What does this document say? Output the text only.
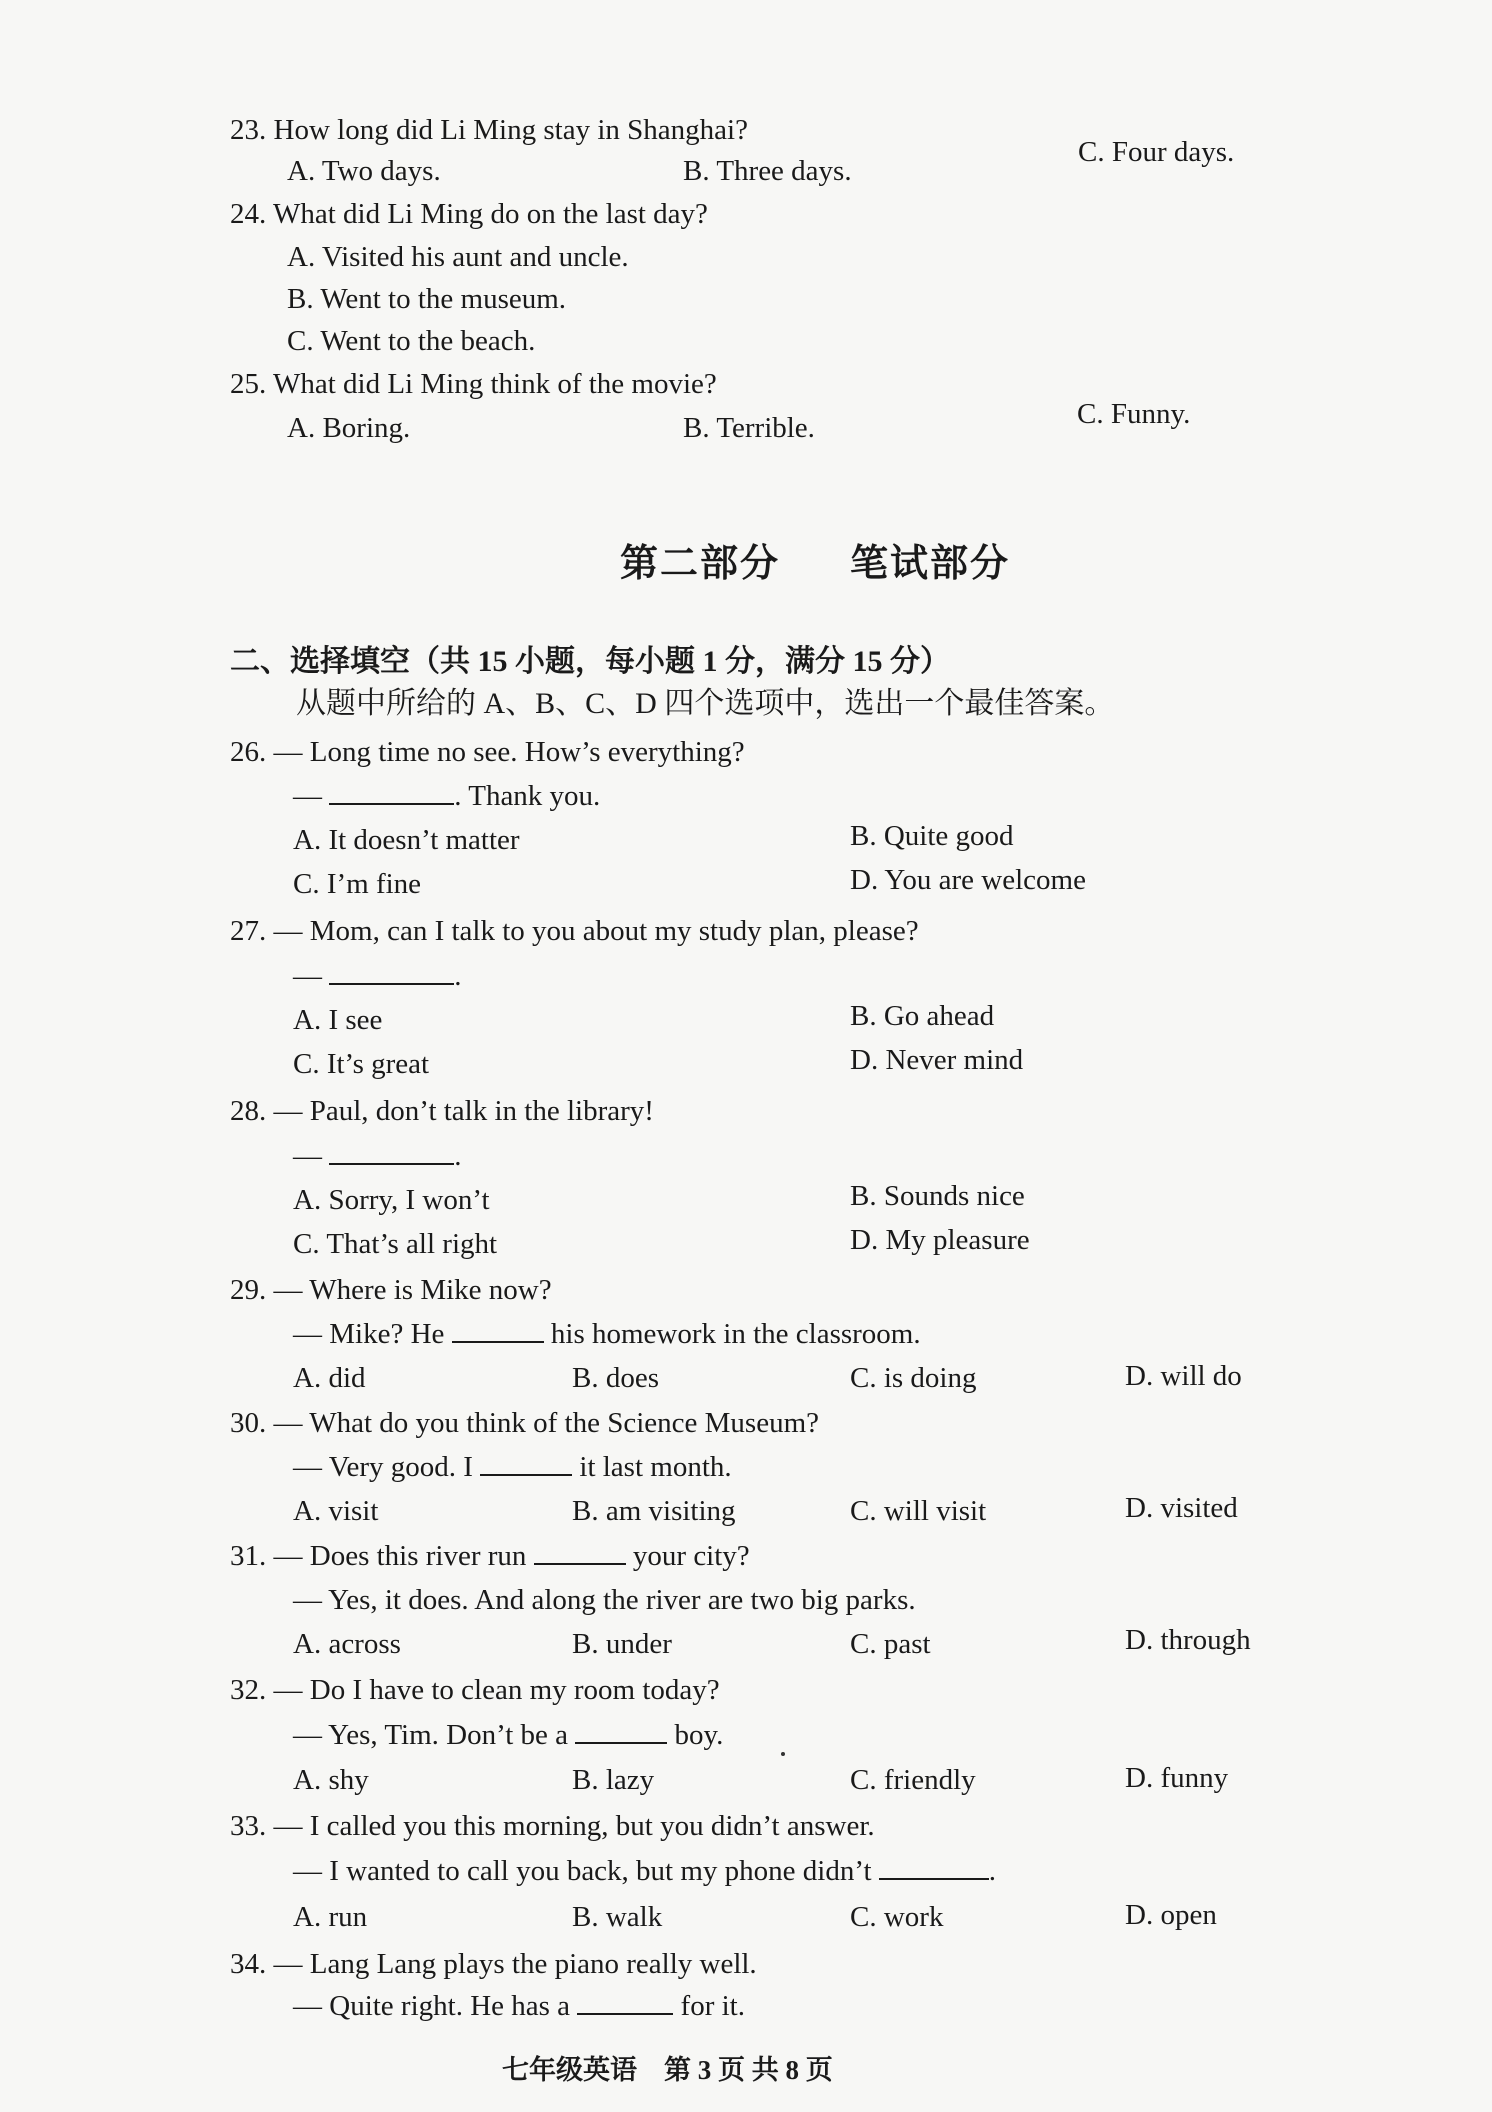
23. How long did Li Ming stay in Shanghai?
A. Two days.	B. Three days.
C. Four days.
24. What did Li Ming do on the last day?
A. Visited his aunt and uncle.
B. Went to the museum.
C. Went to the beach.
25. What did Li Ming think of the movie?
A. Boring.	B. Terrible.	C. Funny.
第二部分 笔试部分
二、选择填空（共 15 小题，每小题 1 分，满分 15 分）
从题中所给的 A、B、C、D 四个选项中，选出一个最佳答案。
26. — Long time no see. How’s everything?
—	. Thank you.
A. It doesn’t matter	B. Quite good
C. I’m fine	D. You are welcome
27. — Mom, can I talk to you about my study plan, please?
—	.
A. I see	B. Go ahead
C. It’s great	D. Never mind
28. — Paul, don’t talk in the library!
—	.
A. Sorry, I won’t	B. Sounds nice
C. That’s all right	D. My pleasure
29. — Where is Mike now?
— Mike? He	his homework in the classroom.
A. did	B. does	C. is doing	D. will do
30. — What do you think of the Science Museum?
— Very good. I	it last month.
A. visit	B. am visiting	C. will visit	D. visited
31. — Does this river run	your city?
— Yes, it does. And along the river are two big parks.
A. across	B. under	C. past	D. through
32. — Do I have to clean my room today?
— Yes, Tim. Don’t be a	boy.
A. shy	B. lazy	C. friendly	D. funny
33. — I called you this morning, but you didn’t answer.
— I wanted to call you back, but my phone didn’t	.
A. run	B. walk	C. work	D. open
34. — Lang Lang plays the piano really well.
— Quite right. He has a	for it.
七年级英语　第 3 页 共 8 页
